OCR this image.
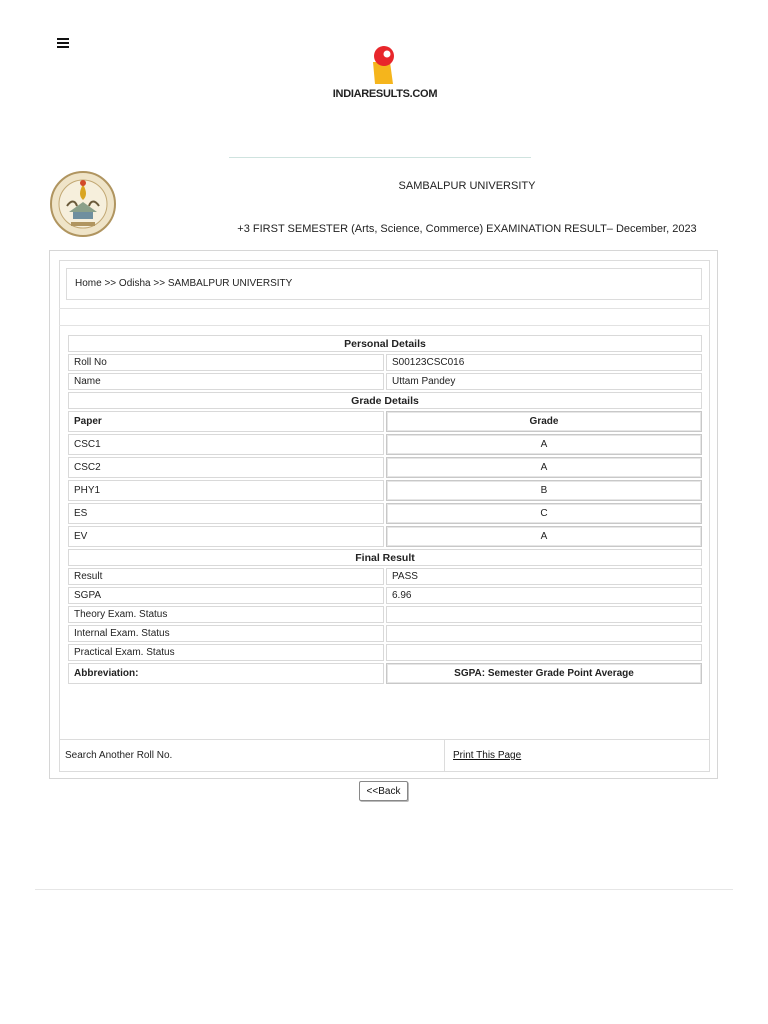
INDIARESULTS.COM
SAMBALPUR UNIVERSITY
+3 FIRST SEMESTER (Arts, Science, Commerce) EXAMINATION RESULT– December, 2023
Home >> Odisha >> SAMBALPUR UNIVERSITY
Personal Details	
Roll No	S00123CSC016
Name	Uttam Pandey
Grade Details	
Paper	Grade
CSC1	A
CSC2	A
PHY1	B
ES	C
EV	A
Final Result	
Result	PASS
SGPA	6.96
Theory Exam. Status	
Internal Exam. Status	
Practical Exam. Status	
Abbreviation:	SGPA: Semester Grade Point Average
Search Another Roll No.	Print This Page
<<Back
